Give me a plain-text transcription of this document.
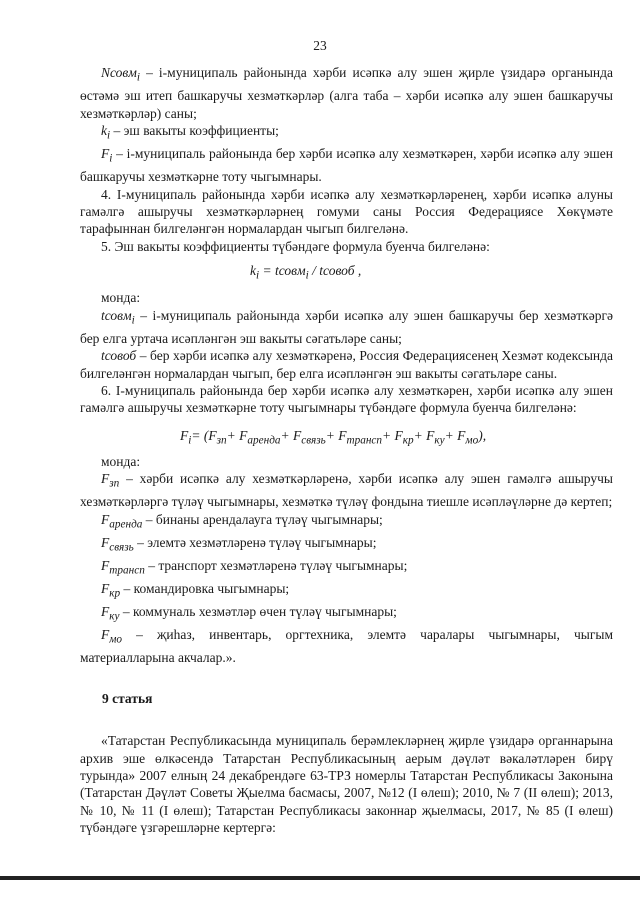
23

Nсовм$_i$ – і-муниципаль районында хәрби исәпкә алу эшен җирле үзидарә органында өстәмә эш итеп башкаручы хезмәткәрләр (алга таба – хәрби исәпкә алу эшен башкаручы хезмәткәрләр) саны;

$k_i$ – эш вакыты коэффициенты;

$F_i$ – і-муниципаль районында бер хәрби исәпкә алу хезмәткәрен, хәрби исәпкә алу эшен башкаручы хезмәткәрне тоту чыгымнары.

4. І-муниципаль районында хәрби исәпкә алу хезмәткәрләренең, хәрби исәпкә алуны гамәлгә ашыручы хезмәткәрләрнең гомуми саны Россия Федерациясе Хөкүмәте тарафыннан билгеләнгән нормалардан чыгып билгеләнә.

5. Эш вакыты коэффициенты түбәндәге формула буенча билгеләнә:

$k_i$ = tсовм$_i$ / tсовоб ,

монда:

tсовм$_i$ – і-муниципаль районында хәрби исәпкә алу эшен башкаручы бер хезмәткәргә бер елга уртача исәпләнгән эш вакыты сәгатьләре саны;

tсовоб – бер хәрби исәпкә алу хезмәткәренә, Россия Федерациясенең Хезмәт кодексында билгеләнгән нормалардан чыгып, бер елга исәпләнгән эш вакыты сәгатьләре саны.

6. І-муниципаль районында бер хәрби исәпкә алу хезмәткәрен, хәрби исәпкә алу эшен гамәлгә ашыручы хезмәткәрне тоту чыгымнары түбәндәге формула буенча билгеләнә:

$F_i= (F_{зп}+ F_{аренда}+ F_{связь}+ F_{трансп}+ F_{кр}+ F_{ку}+ F_{мо})$,

монда:

$F_{зп}$ – хәрби исәпкә алу хезмәткәрләренә, хәрби исәпкә алу эшен гамәлгә ашыручы хезмәткәрләргә түләү чыгымнары, хезмәткә түләү фондына тиешле исәпләүләрне дә кертеп;

$F_{аренда}$ – бинаны арендалауга түләү чыгымнары;

$F_{связь}$ – элемтә хезмәтләренә түләү чыгымнары;

$F_{трансп}$ – транспорт хезмәтләренә түләү чыгымнары;

$F_{кр}$ – командировка чыгымнары;

$F_{ку}$ – коммуналь хезмәтләр өчен түләү чыгымнары;

$F_{мо}$ – җиһаз, инвентарь, оргтехника, элемтә чаралары чыгымнары, чыгым материалларына акчалар.».

9 статья

«Татарстан Республикасында муниципаль берәмлекләрнең җирле үзидарә органнарына архив эше өлкәсендә Татарстан Республикасының аерым дәүләт вәкаләтләрен бирү турында» 2007 елның 24 декабрендәге 63-ТРЗ номерлы Татарстан Республикасы Законына (Татарстан Дәүләт Советы Җыелма басмасы, 2007, №12 (I өлеш); 2010, № 7 (II өлеш); 2013, № 10, № 11 (I өлеш); Татарстан Республикасы законнар җыелмасы, 2017, № 85 (I өлеш) түбәндәге үзгәрешләрне кертергә:
